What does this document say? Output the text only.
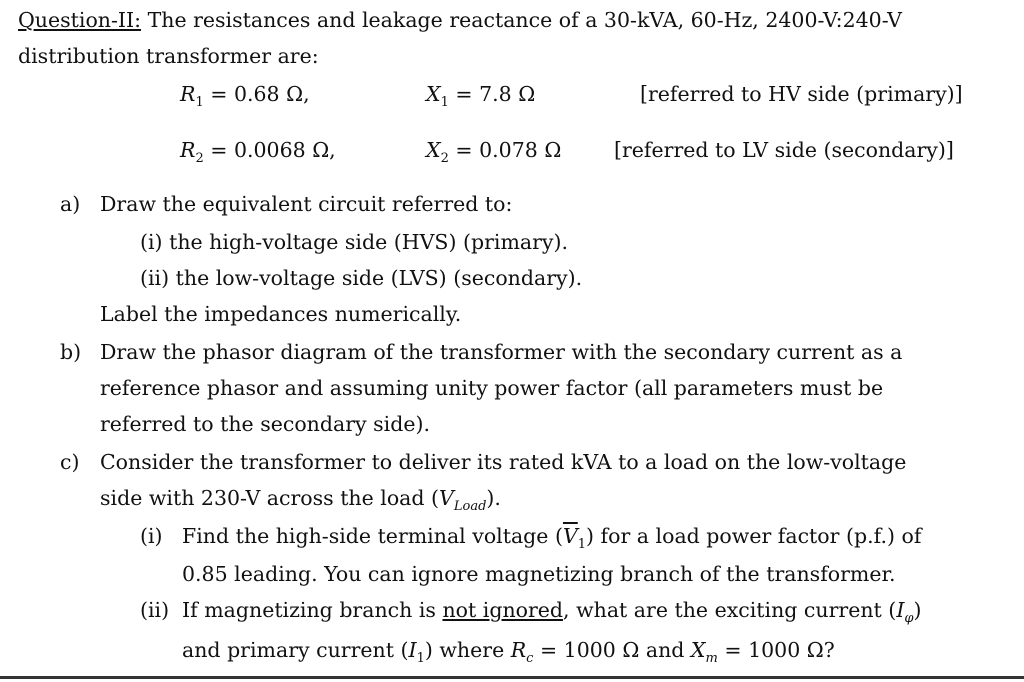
Question-II: The resistances and leakage reactance of a 30-kVA, 60-Hz, 2400-V:240-V
distribution transformer are:
$R_1 = 0.68$ Ω,	$X_1 = 7.8$ Ω	[referred to HV side (primary)]
$R_2 = 0.0068$ Ω,	$X_2 = 0.078$ Ω	[referred to LV side (secondary)]
a) Draw the equivalent circuit referred to:
(i) the high-voltage side (HVS) (primary).
(ii) the low-voltage side (LVS) (secondary).
Label the impedances numerically.
b) Draw the phasor diagram of the transformer with the secondary current as a
reference phasor and assuming unity power factor (all parameters must be
referred to the secondary side).
c) Consider the transformer to deliver its rated kVA to a load on the low-voltage
side with 230-V across the load $(V_{Load})$.
(i) Find the high-side terminal voltage $(\overline{V}_1)$ for a load power factor (p.f.) of
0.85 leading. You can ignore magnetizing branch of the transformer.
(ii) If magnetizing branch is not ignored, what are the exciting current $(I_\varphi)$
and primary current $(I_1)$ where $R_c = 1000$ Ω and $X_m = 1000$ Ω?
